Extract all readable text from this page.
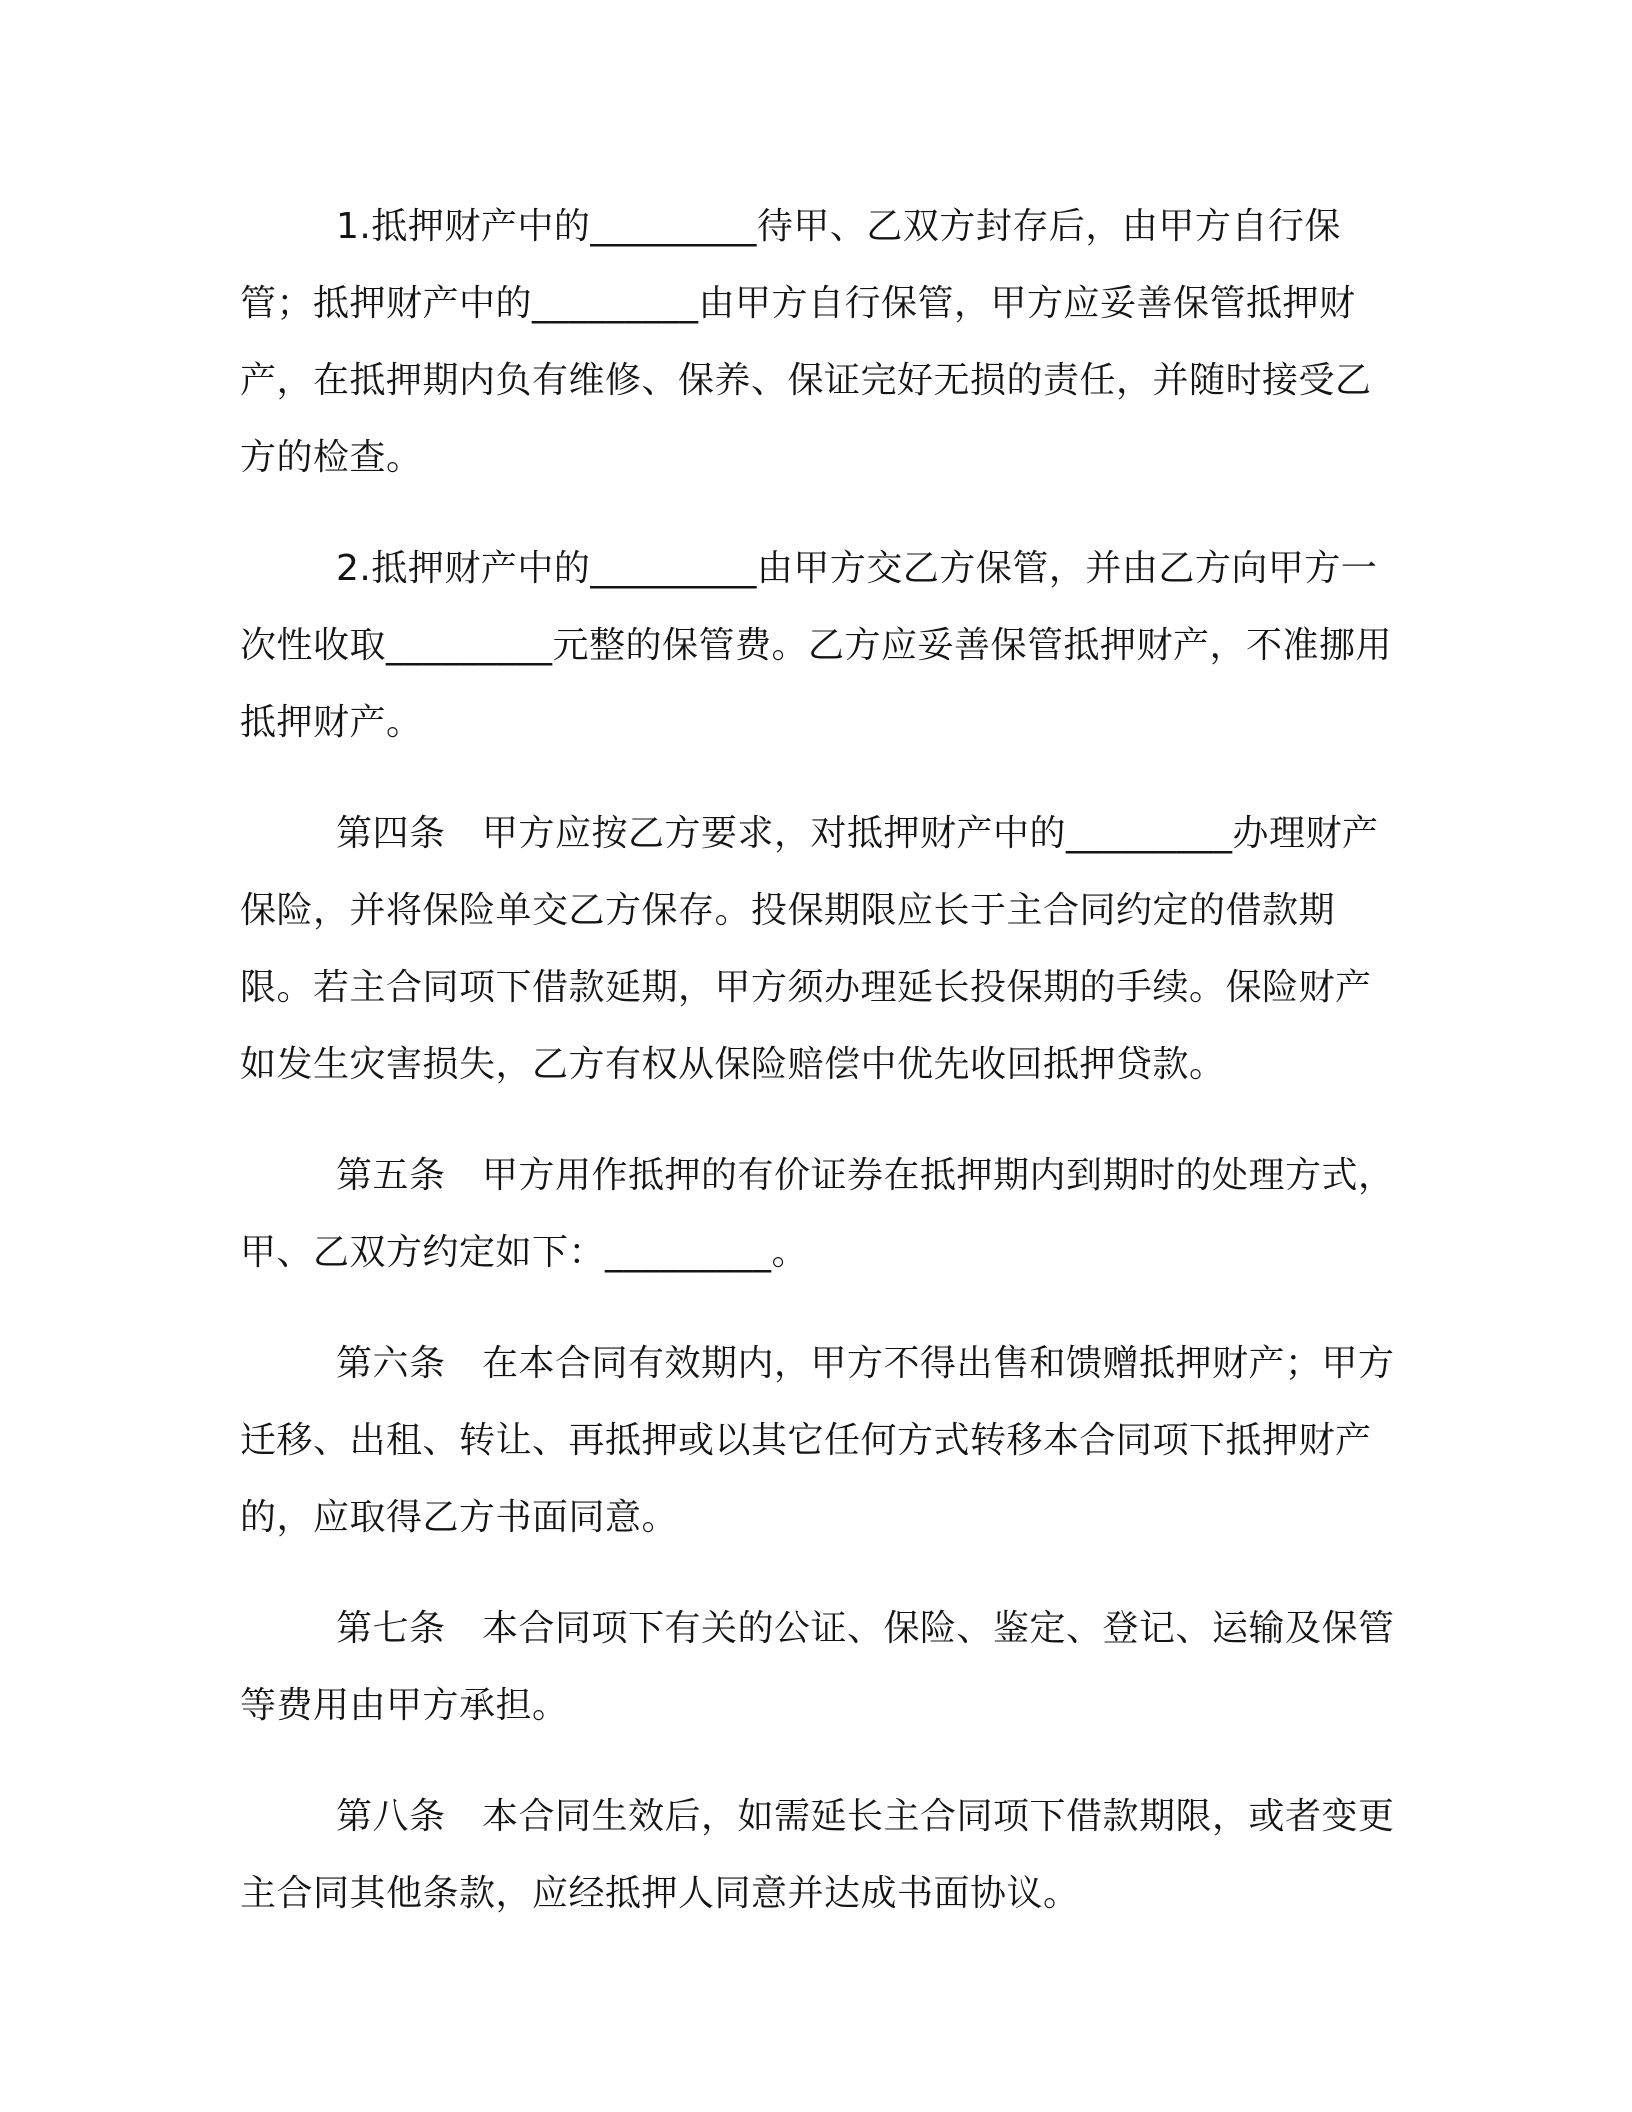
1.抵押财产中的_________待甲、乙双方封存后，由甲方自行保管；抵押财产中的_________由甲方自行保管，甲方应妥善保管抵押财产，在抵押期内负有维修、保养、保证完好无损的责任，并随时接受乙方的检查。

2.抵押财产中的_________由甲方交乙方保管，并由乙方向甲方一次性收取_________元整的保管费。乙方应妥善保管抵押财产，不准挪用抵押财产。

第四条　甲方应按乙方要求，对抵押财产中的_________办理财产保险，并将保险单交乙方保存。投保期限应长于主合同约定的借款期限。若主合同项下借款延期，甲方须办理延长投保期的手续。保险财产如发生灾害损失，乙方有权从保险赔偿中优先收回抵押贷款。

第五条　甲方用作抵押的有价证券在抵押期内到期时的处理方式，甲、乙双方约定如下：_________。

第六条　在本合同有效期内，甲方不得出售和馈赠抵押财产；甲方迁移、出租、转让、再抵押或以其它任何方式转移本合同项下抵押财产的，应取得乙方书面同意。

第七条　本合同项下有关的公证、保险、鉴定、登记、运输及保管等费用由甲方承担。

第八条　本合同生效后，如需延长主合同项下借款期限，或者变更主合同其他条款，应经抵押人同意并达成书面协议。
